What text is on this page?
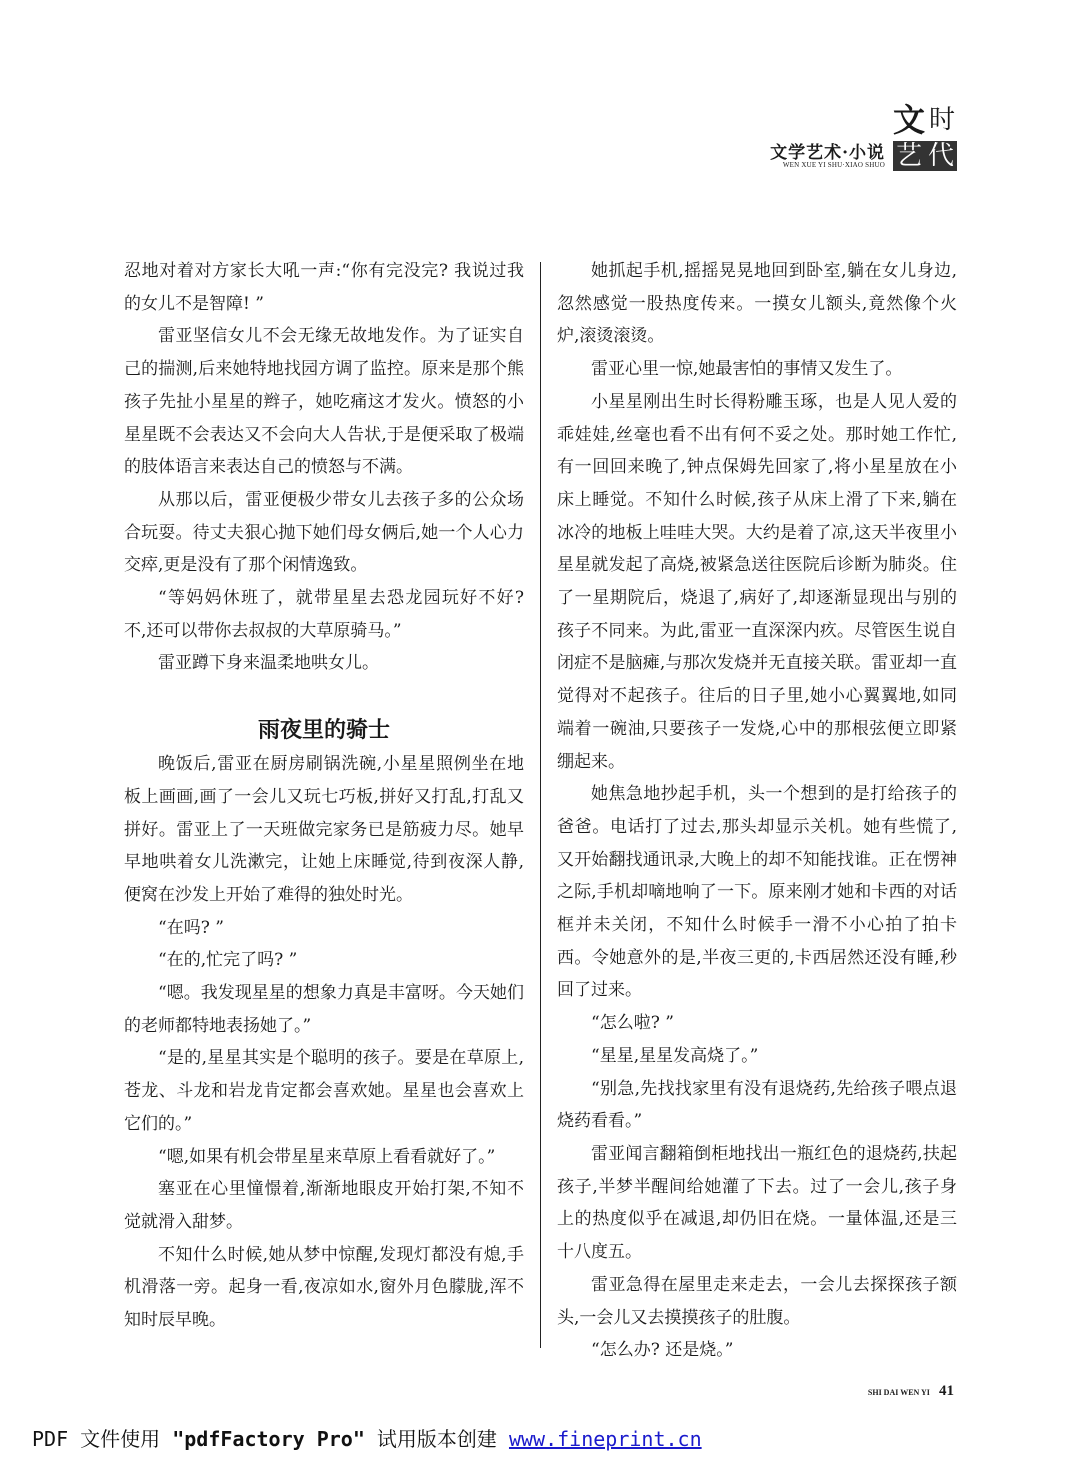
文学艺术·小说
WEN XUE YI SHU·XIAO SHUO
文 时
艺 代

忍地对着对方家长大吼一声:“你有完没完? 我说过我的女儿不是智障! ”

雷亚坚信女儿不会无缘无故地发作。为了证实自己的揣测,后来她特地找园方调了监控。原来是那个熊孩子先扯小星星的辫子，她吃痛这才发火。愤怒的小星星既不会表达又不会向大人告状,于是便采取了极端的肢体语言来表达自己的愤怒与不满。

从那以后，雷亚便极少带女儿去孩子多的公众场合玩耍。待丈夫狠心抛下她们母女俩后,她一个人心力交瘁,更是没有了那个闲情逸致。

“等妈妈休班了，就带星星去恐龙园玩好不好? 不,还可以带你去叔叔的大草原骑马。”

雷亚蹲下身来温柔地哄女儿。

雨夜里的骑士

晚饭后,雷亚在厨房刷锅洗碗,小星星照例坐在地板上画画,画了一会儿又玩七巧板,拼好又打乱,打乱又拼好。雷亚上了一天班做完家务已是筋疲力尽。她早早地哄着女儿洗漱完，让她上床睡觉,待到夜深人静,便窝在沙发上开始了难得的独处时光。

“在吗? ”

“在的,忙完了吗? ”

“嗯。我发现星星的想象力真是丰富呀。今天她们的老师都特地表扬她了。”

“是的,星星其实是个聪明的孩子。要是在草原上,苍龙、斗龙和岩龙肯定都会喜欢她。星星也会喜欢上它们的。”

“嗯,如果有机会带星星来草原上看看就好了。”

塞亚在心里憧憬着,渐渐地眼皮开始打架,不知不觉就滑入甜梦。

不知什么时候,她从梦中惊醒,发现灯都没有熄,手机滑落一旁。起身一看,夜凉如水,窗外月色朦胧,浑不知时辰早晚。

她抓起手机,摇摇晃晃地回到卧室,躺在女儿身边,忽然感觉一股热度传来。一摸女儿额头,竟然像个火炉,滚烫滚烫。

雷亚心里一惊,她最害怕的事情又发生了。

小星星刚出生时长得粉雕玉琢，也是人见人爱的乖娃娃,丝毫也看不出有何不妥之处。那时她工作忙,有一回回来晚了,钟点保姆先回家了,将小星星放在小床上睡觉。不知什么时候,孩子从床上滑了下来,躺在冰冷的地板上哇哇大哭。大约是着了凉,这天半夜里小星星就发起了高烧,被紧急送往医院后诊断为肺炎。住了一星期院后，烧退了,病好了,却逐渐显现出与别的孩子不同来。为此,雷亚一直深深内疚。尽管医生说自闭症不是脑瘫,与那次发烧并无直接关联。雷亚却一直觉得对不起孩子。往后的日子里,她小心翼翼地,如同端着一碗油,只要孩子一发烧,心中的那根弦便立即紧绷起来。

她焦急地抄起手机，头一个想到的是打给孩子的爸爸。电话打了过去,那头却显示关机。她有些慌了,又开始翻找通讯录,大晚上的却不知能找谁。正在愣神之际,手机却嘀地响了一下。原来刚才她和卡西的对话框并未关闭，不知什么时候手一滑不小心拍了拍卡西。令她意外的是,半夜三更的,卡西居然还没有睡,秒回了过来。

“怎么啦? ”

“星星,星星发高烧了。”

“别急,先找找家里有没有退烧药,先给孩子喂点退烧药看看。”

雷亚闻言翻箱倒柜地找出一瓶红色的退烧药,扶起孩子,半梦半醒间给她灌了下去。过了一会儿,孩子身上的热度似乎在减退,却仍旧在烧。一量体温,还是三十八度五。

雷亚急得在屋里走来走去，一会儿去探探孩子额头,一会儿又去摸摸孩子的肚腹。

“怎么办? 还是烧。”

SHI DAI WEN YI 41
PDF 文件使用 "pdfFactory Pro" 试用版本创建 www.fineprint.cn
